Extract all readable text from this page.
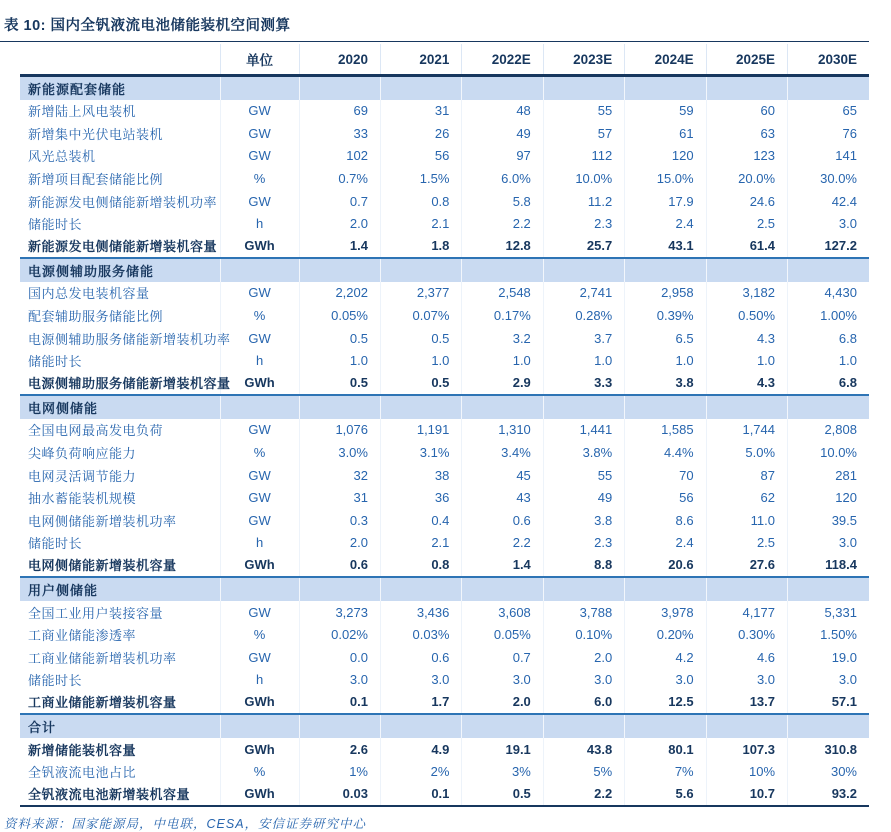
表 10: 国内全钒液流电池储能装机空间测算
	单位	2020	2021	2022E	2023E	2024E	2025E	2030E
新能源配套储能								
新增陆上风电装机	GW	69	31	48	55	59	60	65
新增集中光伏电站装机	GW	33	26	49	57	61	63	76
风光总装机	GW	102	56	97	112	120	123	141
新增项目配套储能比例	%	0.7%	1.5%	6.0%	10.0%	15.0%	20.0%	30.0%
新能源发电侧储能新增装机功率	GW	0.7	0.8	5.8	11.2	17.9	24.6	42.4
储能时长	h	2.0	2.1	2.2	2.3	2.4	2.5	3.0
新能源发电侧储能新增装机容量	GWh	1.4	1.8	12.8	25.7	43.1	61.4	127.2
电源侧辅助服务储能								
国内总发电装机容量	GW	2,202	2,377	2,548	2,741	2,958	3,182	4,430
配套辅助服务储能比例	%	0.05%	0.07%	0.17%	0.28%	0.39%	0.50%	1.00%
电源侧辅助服务储能新增装机功率	GW	0.5	0.5	3.2	3.7	6.5	4.3	6.8
储能时长	h	1.0	1.0	1.0	1.0	1.0	1.0	1.0
电源侧辅助服务储能新增装机容量	GWh	0.5	0.5	2.9	3.3	3.8	4.3	6.8
电网侧储能								
全国电网最高发电负荷	GW	1,076	1,191	1,310	1,441	1,585	1,744	2,808
尖峰负荷响应能力	%	3.0%	3.1%	3.4%	3.8%	4.4%	5.0%	10.0%
电网灵活调节能力	GW	32	38	45	55	70	87	281
抽水蓄能装机规模	GW	31	36	43	49	56	62	120
电网侧储能新增装机功率	GW	0.3	0.4	0.6	3.8	8.6	11.0	39.5
储能时长	h	2.0	2.1	2.2	2.3	2.4	2.5	3.0
电网侧储能新增装机容量	GWh	0.6	0.8	1.4	8.8	20.6	27.6	118.4
用户侧储能								
全国工业用户装接容量	GW	3,273	3,436	3,608	3,788	3,978	4,177	5,331
工商业储能渗透率	%	0.02%	0.03%	0.05%	0.10%	0.20%	0.30%	1.50%
工商业储能新增装机功率	GW	0.0	0.6	0.7	2.0	4.2	4.6	19.0
储能时长	h	3.0	3.0	3.0	3.0	3.0	3.0	3.0
工商业储能新增装机容量	GWh	0.1	1.7	2.0	6.0	12.5	13.7	57.1
合计								
新增储能装机容量	GWh	2.6	4.9	19.1	43.8	80.1	107.3	310.8
全钒液流电池占比	%	1%	2%	3%	5%	7%	10%	30%
全钒液流电池新增装机容量	GWh	0.03	0.1	0.5	2.2	5.6	10.7	93.2
资料来源：国家能源局，中电联，CESA，安信证券研究中心
